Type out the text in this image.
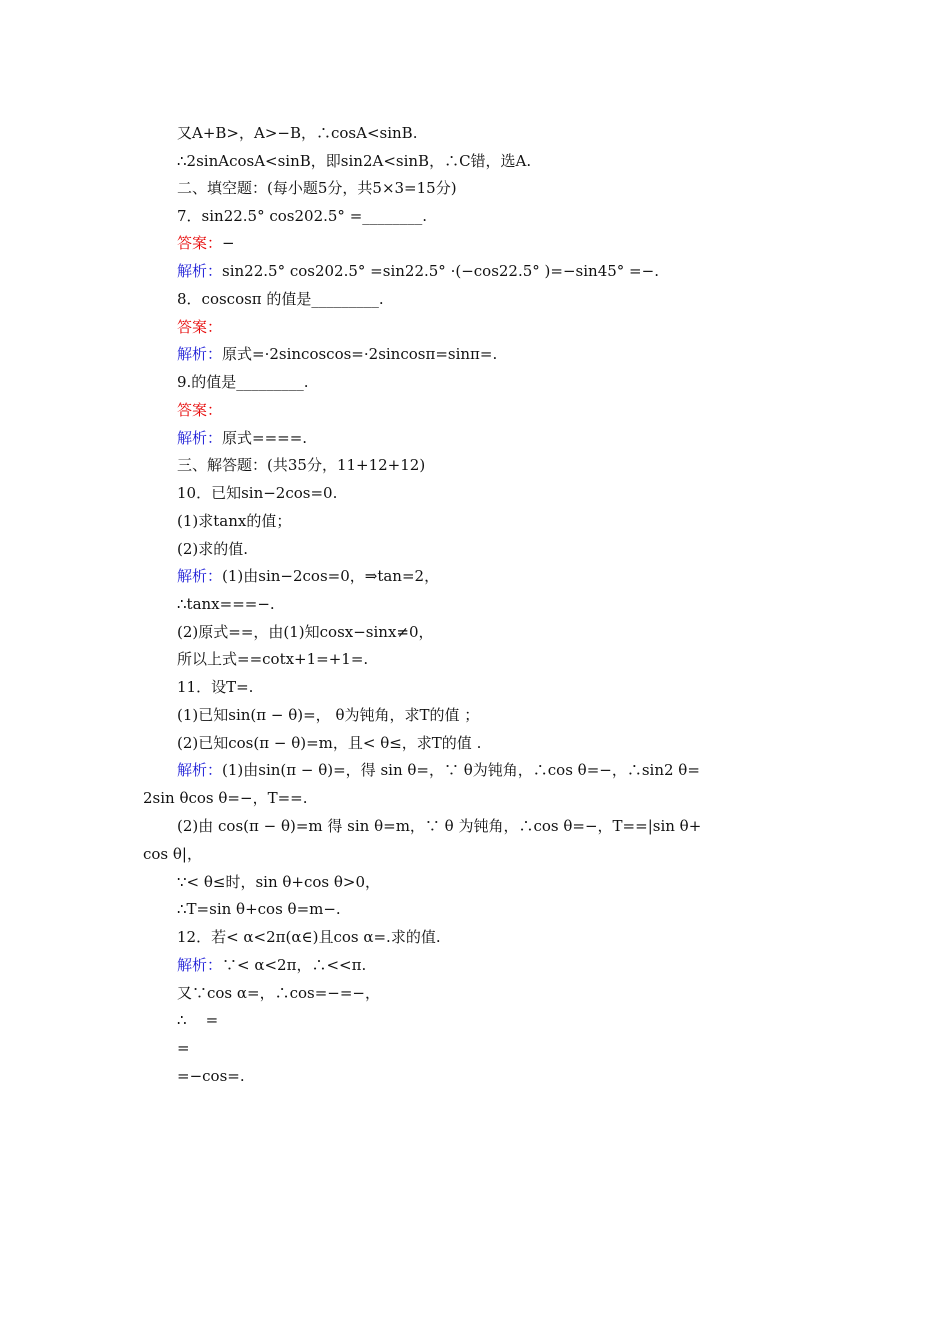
又A+B>，A>−B，∴cosA<sinB.
∴2sinAcosA<sinB，即sin2A<sinB，∴C错，选A.
二、填空题：(每小题5分，共5×3=15分)
7．sin22.5° cos202.5° =________.
答案：−
解析：sin22.5° cos202.5° =sin22.5° ·(−cos22.5° )=−sin45° =−.
8．coscosπ 的值是_________.
答案：
解析：原式=·2sincoscos=·2sincosπ=sinπ=.
9.的值是_________.
答案：
解析：原式====.
三、解答题：(共35分，11+12+12)
10．已知sin−2cos=0.
(1)求tanx的值；
(2)求的值.
解析：(1)由sin−2cos=0，⇒tan=2，
∴tanx===−.
(2)原式==，由(1)知cosx−sinx≠0，
所以上式==cotx+1=+1=.
11．设T=.
(1)已知sin(π − θ)=， θ为钝角，求T的值 ；
(2)已知cos(π − θ)=m，且< θ≤，求T的值 .
解析：(1)由sin(π − θ)=，得 sin θ=，∵ θ为钝角，∴cos θ=−，∴sin2 θ=
2sin θcos θ=−，T==.
(2)由 cos(π − θ)=m 得 sin θ=m，∵ θ 为钝角，∴cos θ=−，T==|sin θ+
cos θ|，
∵< θ≤时，sin θ+cos θ>0，
∴T=sin θ+cos θ=m−.
12．若< α<2π(α∈)且cos α=.求的值.
解析：∵< α<2π，∴<<π.
又∵cos α=，∴cos=−=−，
∴    =
=
=−cos=.
